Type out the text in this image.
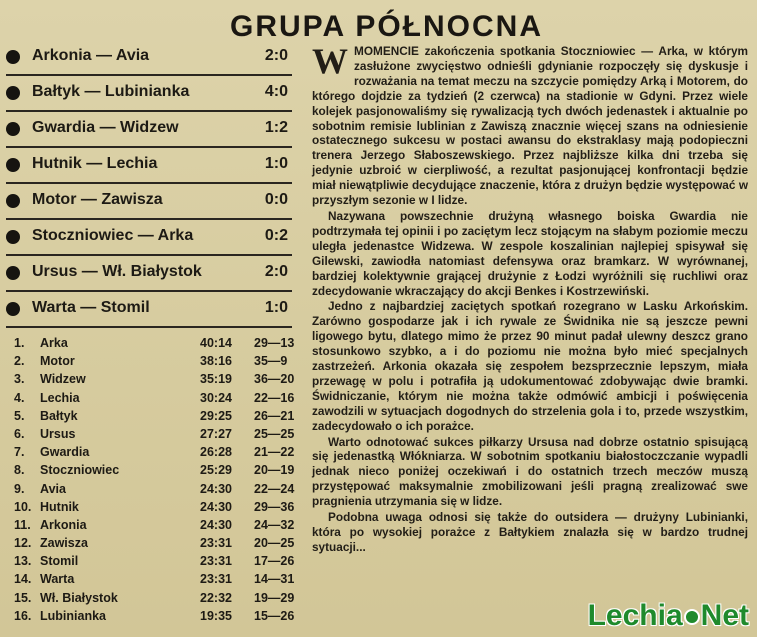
GRUPA PÓŁNOCNA
Arkonia — Avia	2:0
Bałtyk — Lubinianka	4:0
Gwardia — Widzew	1:2
Hutnik — Lechia	1:0
Motor — Zawisza	0:0
Stoczniowiec — Arka	0:2
Ursus — Wł. Białystok	2:0
Warta — Stomil	1:0
1.	Arka	40:14 29—13
2.	Motor	38:16 35—9
3.	Widzew	35:19 36—20
4.	Lechia	30:24 22—16
5.	Bałtyk	29:25 26—21
6.	Ursus	27:27 25—25
7.	Gwardia	26:28 21—22
8.	Stoczniowiec	25:29 20—19
9.	Avia	24:30 22—24
10. Hutnik	24:30 29—36
11. Arkonia	24:30 24—32
12. Zawisza	23:31 20—25
13. Stomil	23:31 17—26
14. Warta	23:31 14—31
15. Wł. Białystok	22:32 19—29
16. Lubinianka	19:35 15—26

WMOMENCIE zakończenia spotkania Stoczniowiec — Arka, w którym zasłużone zwycięstwo odnieśli gdynianie rozpoczęły się dyskusje i rozważania na temat meczu na szczycie pomiędzy Arką i Motorem, do którego dojdzie za tydzień (2 czerwca) na stadionie w Gdyni. Przez wiele kolejek pasjonowaliśmy się rywalizacją tych dwóch jedenastek i aktualnie po sobotnim remisie lublinian z Zawiszą znacznie więcej szans na odniesienie ostatecznego sukcesu w postaci awansu do ekstraklasy mają podopieczni trenera Jerzego Słaboszewskiego. Przez najbliższe kilka dni trzeba się jedynie uzbroić w cierpliwość, a rezultat pasjonującej konfrontacji będzie miał niewątpliwie decydujące znaczenie, która z drużyn będzie występować w przyszłym sezonie w I lidze.

Nazywana powszechnie drużyną własnego boiska Gwardia nie podtrzymała tej opinii i po zaciętym lecz stojącym na słabym poziomie meczu uległa jedenastce Widzewa. W zespole koszalinian najlepiej spisywał się Gilewski, zawiodła natomiast defensywa oraz bramkarz. W wyrównanej, bardziej kolektywnie grającej drużynie z Łodzi wyróżnili się ruchliwi oraz zdecydowanie wkraczający do akcji Benkes i Kostrzewiński.

Jedno z najbardziej zaciętych spotkań rozegrano w Lasku Arkońskim. Zarówno gospodarze jak i ich rywale ze Świdnika nie są jeszcze pewni ligowego bytu, dlatego mimo że przez 90 minut padał ulewny deszcz grano stosunkowo szybko, a i do poziomu nie można było mieć specjalnych zastrzeżeń. Arkonia okazała się zespołem bezsprzecznie lepszym, miała przewagę w polu i potrafiła ją udokumentować zdobywając dwie bramki. Świdniczanie, którym nie można także odmówić ambicji i poświęcenia zawodzili w sytuacjach dogodnych do strzelenia gola i to, przede wszystkim, zadecydowało o ich porażce.

Warto odnotować sukces piłkarzy Ursusa nad dobrze ostatnio spisującą się jedenastką Włókniarza. W sobotnim spotkaniu białostoczczanie wypadli jednak nieco poniżej oczekiwań i do ostatnich trzech meczów muszą przystępować maksymalnie zmobilizowani jeśli pragną zrealizować swe pragnienia utrzymania się w lidze.

Podobna uwaga odnosi się także do outsidera — drużyny Lubinianki, która po wysokiej porażce z Bałtykiem znalazła się w bardzo trudnej sytuacji...

Lechia Net
